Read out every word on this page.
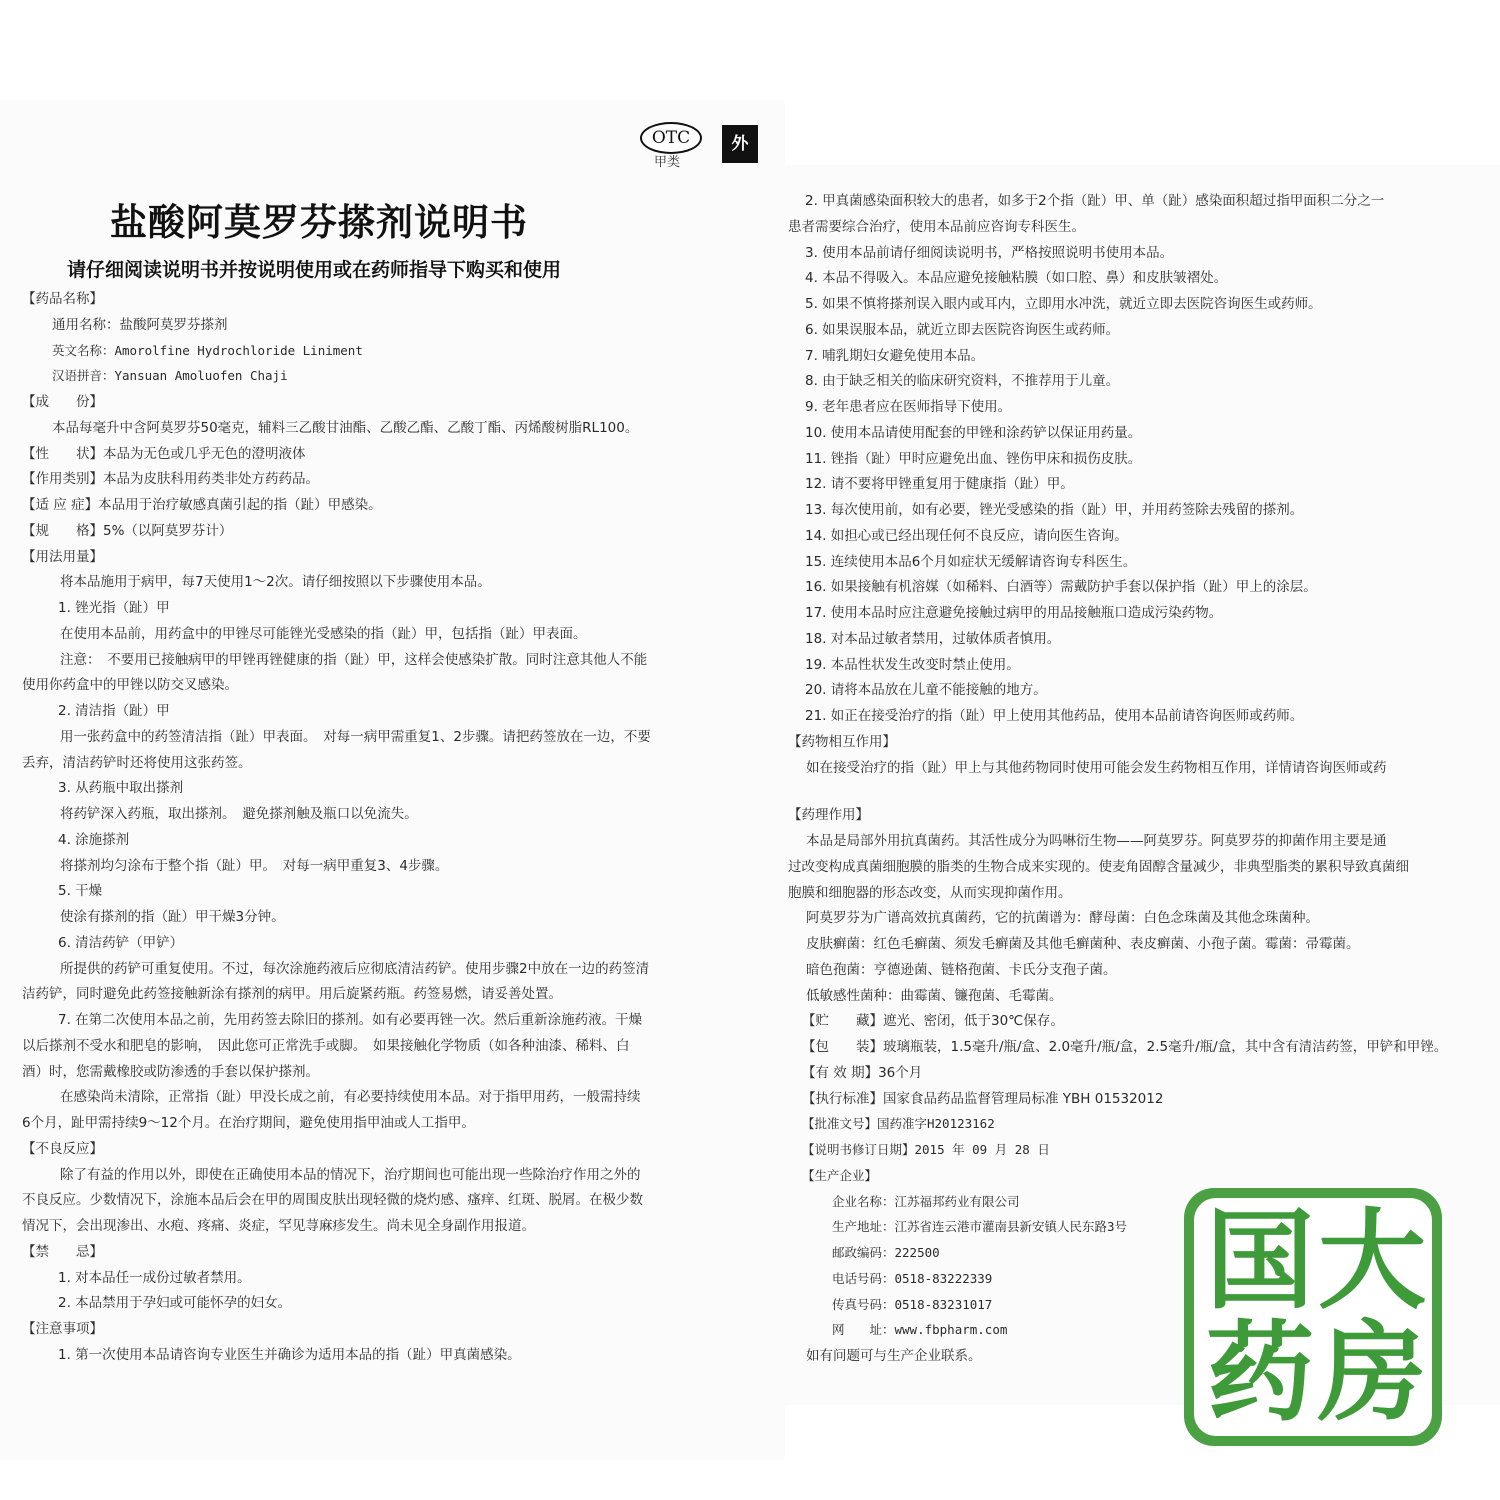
OTC
甲类
外
盐酸阿莫罗芬搽剂说明书
请仔细阅读说明书并按说明使用或在药师指导下购买和使用
【药品名称】
通用名称：盐酸阿莫罗芬搽剂
英文名称：Amorolfine Hydrochloride Liniment
汉语拼音：Yansuan Amoluofen Chaji
【成　　份】
本品每毫升中含阿莫罗芬50毫克，辅料三乙酸甘油酯、乙酸乙酯、乙酸丁酯、丙烯酸树脂RL100。
【性　　状】本品为无色或几乎无色的澄明液体
【作用类别】本品为皮肤科用药类非处方药药品。
【适 应 症】本品用于治疗敏感真菌引起的指（趾）甲感染。
【规　　格】5%（以阿莫罗芬计）
【用法用量】
将本品施用于病甲，每7天使用1～2次。请仔细按照以下步骤使用本品。
1. 锉光指（趾）甲
在使用本品前，用药盒中的甲锉尽可能锉光受感染的指（趾）甲，包括指（趾）甲表面。
注意：　不要用已接触病甲的甲锉再锉健康的指（趾）甲，这样会使感染扩散。同时注意其他人不能
使用你药盒中的甲锉以防交叉感染。
2. 清洁指（趾）甲
用一张药盒中的药签清洁指（趾）甲表面。　对每一病甲需重复1、2步骤。请把药签放在一边，不要
丢弃，清洁药铲时还将使用这张药签。
3. 从药瓶中取出搽剂
将药铲深入药瓶，取出搽剂。　避免搽剂触及瓶口以免流失。
4. 涂施搽剂
将搽剂均匀涂布于整个指（趾）甲。　对每一病甲重复3、4步骤。
5. 干燥
使涂有搽剂的指（趾）甲干燥3分钟。
6. 清洁药铲（甲铲）
所提供的药铲可重复使用。不过，每次涂施药液后应彻底清洁药铲。使用步骤2中放在一边的药签清
洁药铲，同时避免此药签接触新涂有搽剂的病甲。用后旋紧药瓶。药签易燃，请妥善处置。
7. 在第二次使用本品之前，先用药签去除旧的搽剂。如有必要再锉一次。然后重新涂施药液。干燥
以后搽剂不受水和肥皂的影响，　因此您可正常洗手或脚。　如果接触化学物质（如各种油漆、稀料、白
酒）时，您需戴橡胶或防渗透的手套以保护搽剂。
在感染尚未清除，正常指（趾）甲没长成之前，有必要持续使用本品。对于指甲用药，一般需持续
6个月，趾甲需持续9～12个月。在治疗期间，避免使用指甲油或人工指甲。
【不良反应】
除了有益的作用以外，即使在正确使用本品的情况下，治疗期间也可能出现一些除治疗作用之外的
不良反应。少数情况下，涂施本品后会在甲的周围皮肤出现轻微的烧灼感、瘙痒、红斑、脱屑。在极少数
情况下，会出现渗出、水疱、疼痛、炎症，罕见荨麻疹发生。尚未见全身副作用报道。
【禁　　忌】
1. 对本品任一成份过敏者禁用。
2. 本品禁用于孕妇或可能怀孕的妇女。
【注意事项】
1. 第一次使用本品请咨询专业医生并确诊为适用本品的指（趾）甲真菌感染。
2. 甲真菌感染面积较大的患者，如多于2个指（趾）甲、单（趾）感染面积超过指甲面积二分之一
患者需要综合治疗，使用本品前应咨询专科医生。
3. 使用本品前请仔细阅读说明书，严格按照说明书使用本品。
4. 本品不得吸入。本品应避免接触粘膜（如口腔、鼻）和皮肤皱褶处。
5. 如果不慎将搽剂误入眼内或耳内，立即用水冲洗，就近立即去医院咨询医生或药师。
6. 如果误服本品，就近立即去医院咨询医生或药师。
7. 哺乳期妇女避免使用本品。
8. 由于缺乏相关的临床研究资料，不推荐用于儿童。
9. 老年患者应在医师指导下使用。
10. 使用本品请使用配套的甲锉和涂药铲以保证用药量。
11. 锉指（趾）甲时应避免出血、锉伤甲床和损伤皮肤。
12. 请不要将甲锉重复用于健康指（趾）甲。
13. 每次使用前，如有必要，锉光受感染的指（趾）甲，并用药签除去残留的搽剂。
14. 如担心或已经出现任何不良反应，请向医生咨询。
15. 连续使用本品6个月如症状无缓解请咨询专科医生。
16. 如果接触有机溶媒（如稀料、白酒等）需戴防护手套以保护指（趾）甲上的涂层。
17. 使用本品时应注意避免接触过病甲的用品接触瓶口造成污染药物。
18. 对本品过敏者禁用，过敏体质者慎用。
19. 本品性状发生改变时禁止使用。
20. 请将本品放在儿童不能接触的地方。
21. 如正在接受治疗的指（趾）甲上使用其他药品，使用本品前请咨询医师或药师。
【药物相互作用】
如在接受治疗的指（趾）甲上与其他药物同时使用可能会发生药物相互作用，详情请咨询医师或药
【药理作用】
本品是局部外用抗真菌药。其活性成分为吗啉衍生物——阿莫罗芬。阿莫罗芬的抑菌作用主要是通
过改变构成真菌细胞膜的脂类的生物合成来实现的。使麦角固醇含量减少，非典型脂类的累积导致真菌细
胞膜和细胞器的形态改变，从而实现抑菌作用。
阿莫罗芬为广谱高效抗真菌药，它的抗菌谱为：酵母菌：白色念珠菌及其他念珠菌种。
皮肤癣菌：红色毛癣菌、须发毛癣菌及其他毛癣菌种、表皮癣菌、小孢子菌。霉菌：帚霉菌。
暗色孢菌：亨德逊菌、链格孢菌、卡氏分支孢子菌。
低敏感性菌种：曲霉菌、镰孢菌、毛霉菌。
【贮　　藏】遮光、密闭，低于30℃保存。
【包　　装】玻璃瓶装，1.5毫升/瓶/盒、2.0毫升/瓶/盒，2.5毫升/瓶/盒，其中含有清洁药签，甲铲和甲锉。
【有 效 期】36个月
【执行标准】国家食品药品监督管理局标准 YBH 01532012
【批准文号】国药准字H20123162
【说明书修订日期】2015 年 09 月 28 日
【生产企业】
企业名称：江苏福邦药业有限公司
生产地址：江苏省连云港市灌南县新安镇人民东路3号
邮政编码：222500
电话号码：0518-83222339
传真号码：0518-83231017
网　　址：www.fbpharm.com
如有问题可与生产企业联系。
国 大
药 房
